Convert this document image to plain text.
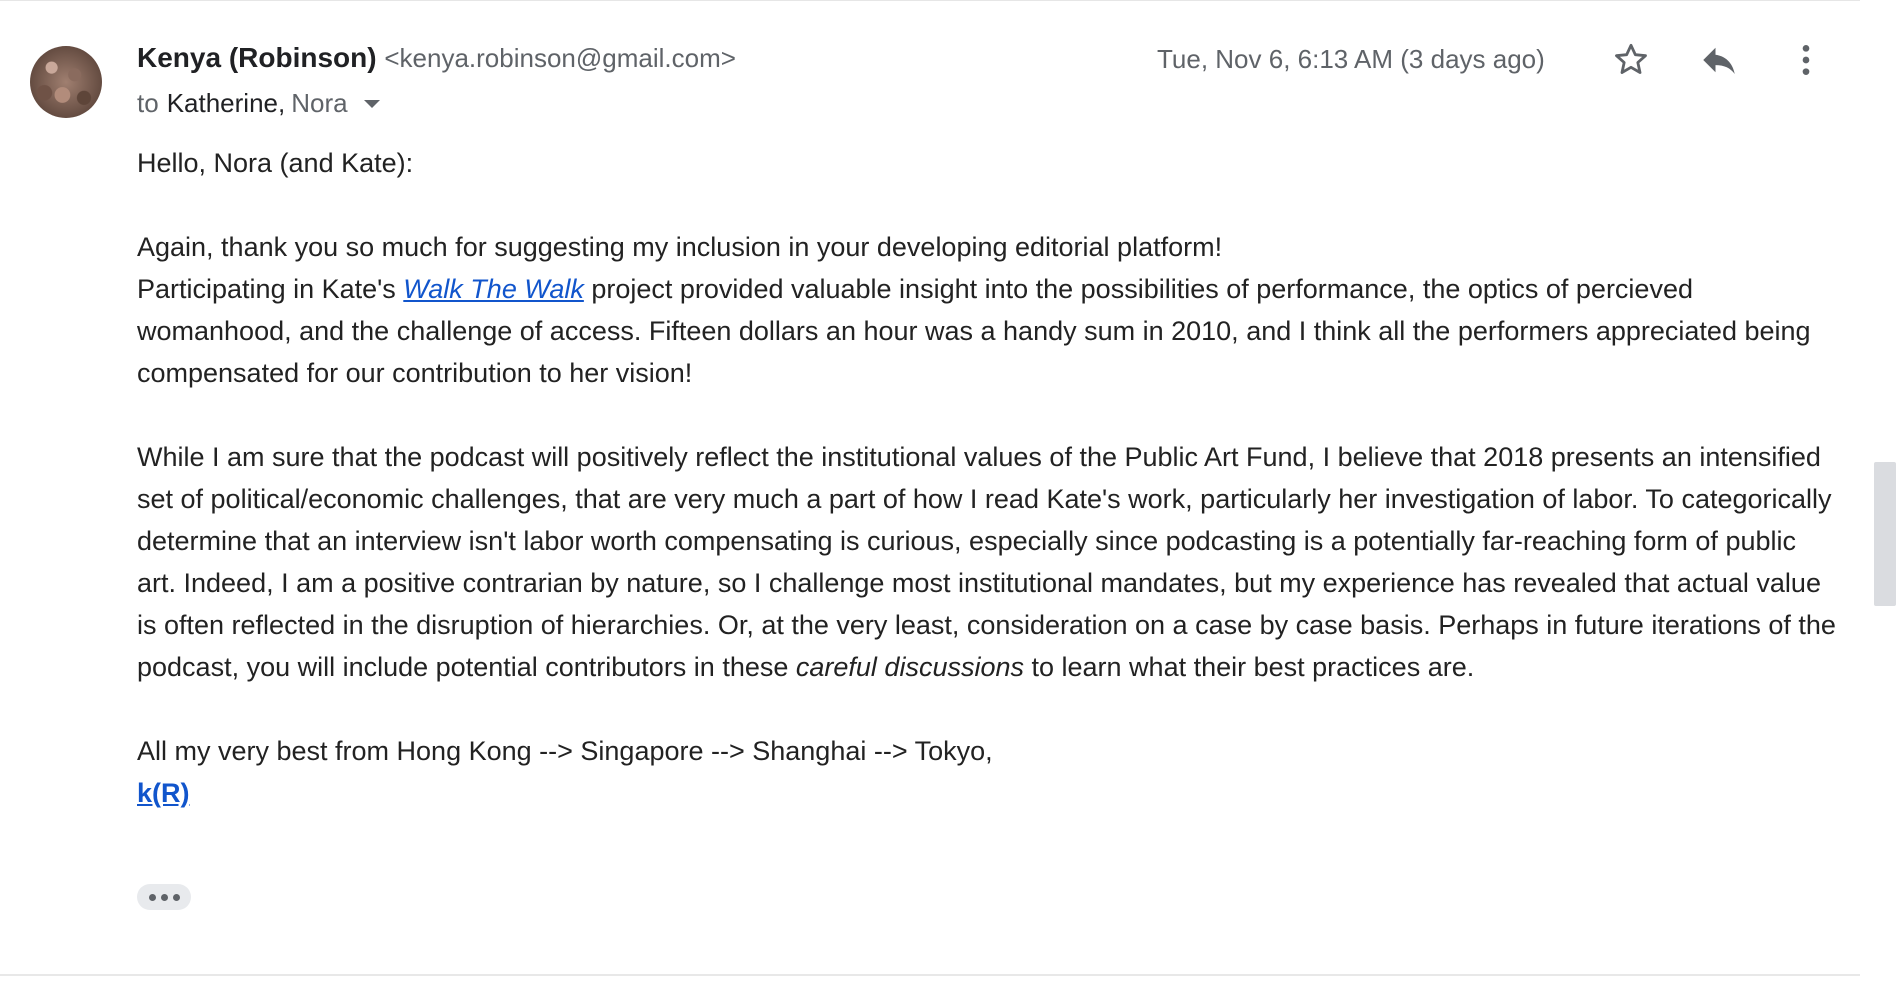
Kenya (Robinson) <kenya.robinson@gmail.com>
to Katherine , Nora
Tue, Nov 6, 6:13 AM (3 days ago)

Hello, Nora (and Kate):

Again, thank you so much for suggesting my inclusion in your developing editorial platform!

Participating in Kate's Walk The Walk project provided valuable insight into the possibilities of performance, the optics of percieved womanhood, and the challenge of access. Fifteen dollars an hour was a handy sum in 2010, and I think all the performers appreciated being compensated for our contribution to her vision!

While I am sure that the podcast will positively reflect the institutional values of the Public Art Fund, I believe that 2018 presents an intensified set of political/economic challenges, that are very much a part of how I read Kate's work, particularly her investigation of labor. To categorically determine that an interview isn't labor worth compensating is curious, especially since podcasting is a potentially far-reaching form of public art. Indeed, I am a positive contrarian by nature, so I challenge most institutional mandates, but my experience has revealed that actual value is often reflected in the disruption of hierarchies. Or, at the very least, consideration on a case by case basis. Perhaps in future iterations of the podcast, you will include potential contributors in these careful discussions to learn what their best practices are.

All my very best from Hong Kong --> Singapore --> Shanghai --> Tokyo,

k(R)
